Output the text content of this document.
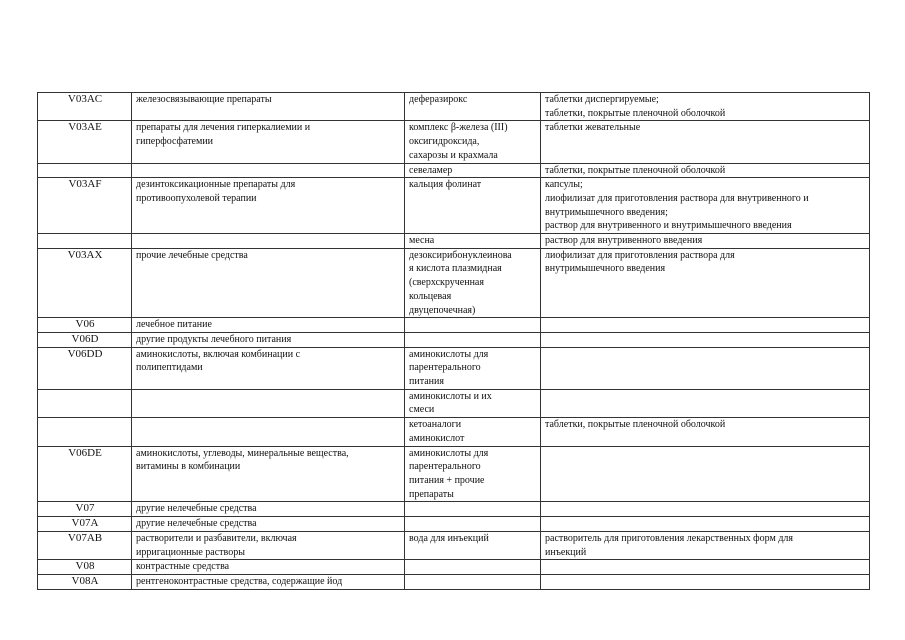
V03AC	железосвязывающие препараты	деферазирокс	таблетки диспергируемые;
таблетки, покрытые пленочной оболочкой

V03AE	препараты для лечения гиперкалиемии и
гиперфосфатемии	комплекс β-железа (III)
оксигидроксида,
сахарозы и крахмала	таблетки жевательные

		севеламер	таблетки, покрытые пленочной оболочкой

V03AF	дезинтоксикационные препараты для
противоопухолевой терапии	кальция фолинат	капсулы;
лиофилизат для приготовления раствора для внутривенного и
внутримышечного введения;
раствор для внутривенного и внутримышечного введения

		месна	раствор для внутривенного введения

V03AX	прочие лечебные средства	дезоксирибонуклеинова
я кислота плазмидная
(сверхскрученная
кольцевая
двуцепочечная)	лиофилизат для приготовления раствора для
внутримышечного введения

V06	лечебное питание		

V06D	другие продукты лечебного питания		

V06DD	аминокислоты, включая комбинации с
полипептидами	аминокислоты для
парентерального
питания	

		аминокислоты и их
смеси	

		кетоаналоги
аминокислот	таблетки, покрытые пленочной оболочкой

V06DE	аминокислоты, углеводы, минеральные вещества,
витамины в комбинации	аминокислоты для
парентерального
питания + прочие
препараты	

V07	другие нелечебные средства		

V07A	другие нелечебные средства		

V07AB	растворители и разбавители, включая
ирригационные растворы	вода для инъекций	растворитель для приготовления лекарственных форм для
инъекций

V08	контрастные средства		

V08A	рентгеноконтрастные средства, содержащие йод		
